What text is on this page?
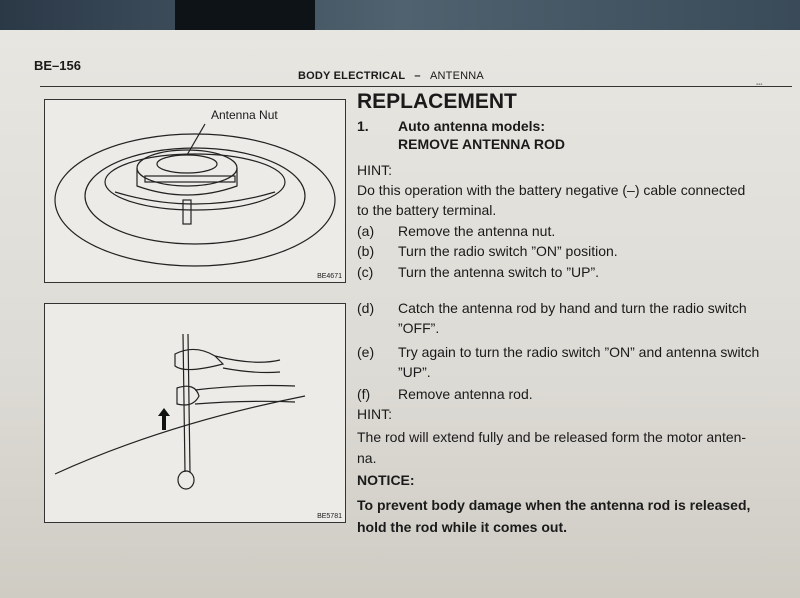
BE–156
BODY ELECTRICAL – ANTENNA
Antenna Nut
BE4671
BE5781
▪▪▪
REPLACEMENT
1. Auto antenna models:
REMOVE ANTENNA ROD
HINT:
Do this operation with the battery negative (–) cable connected
to the battery terminal.
(a) Remove the antenna nut.
(b) Turn the radio switch ”ON” position.
(c) Turn the antenna switch to ”UP”.
(d) Catch the antenna rod by hand and turn the radio switch
”OFF”.
(e) Try again to turn the radio switch ”ON” and antenna switch
”UP”.
(f) Remove antenna rod.
HINT:
The rod will extend fully and be released form the motor anten-
na.
NOTICE:
To prevent body damage when the antenna rod is released,
hold the rod while it comes out.
